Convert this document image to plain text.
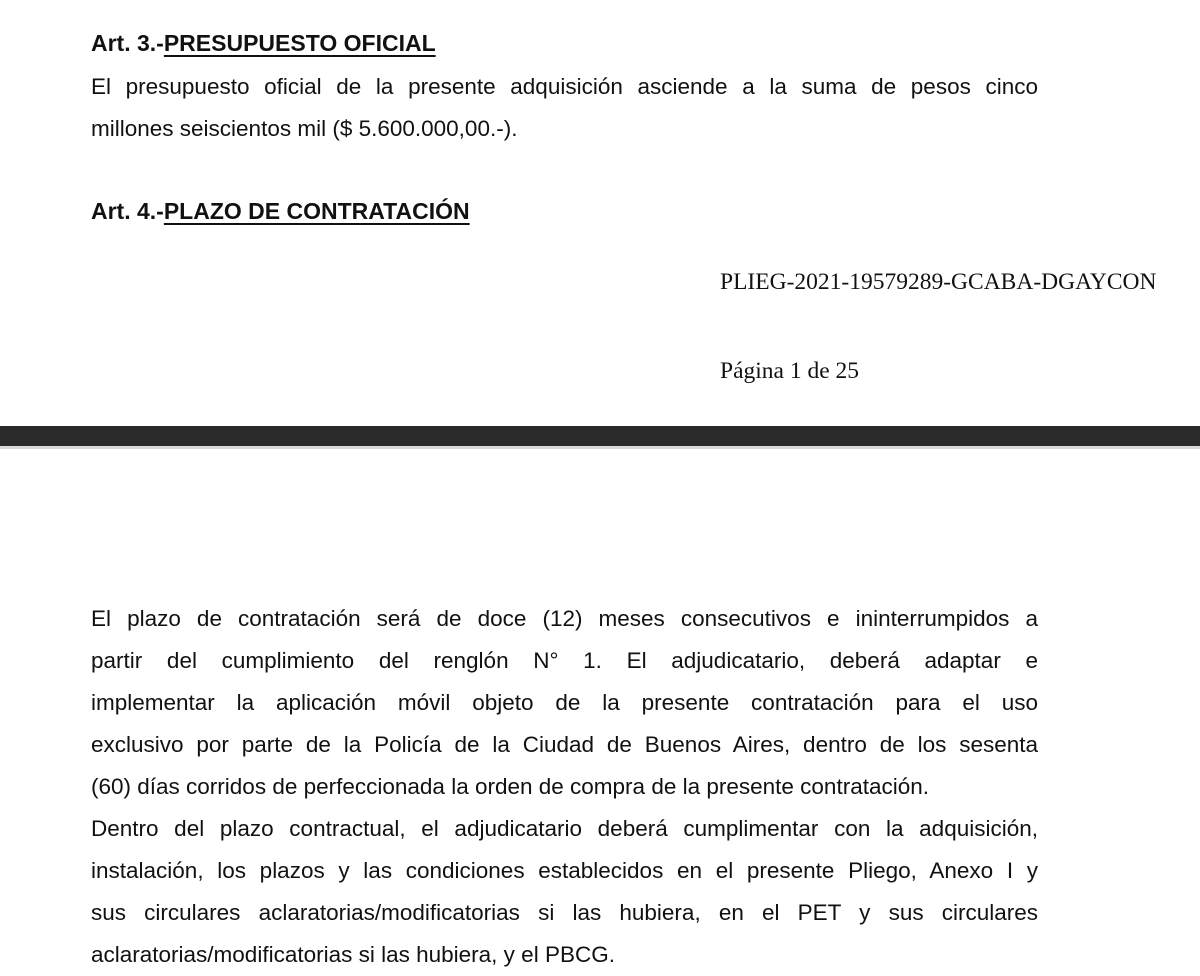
Art. 3.-PRESUPUESTO OFICIAL
El presupuesto oficial de la presente adquisición asciende a la suma de pesos cinco
millones seiscientos mil ($ 5.600.000,00.-).
Art. 4.-PLAZO DE CONTRATACIÓN
PLIEG-2021-19579289-GCABA-DGAYCON
Página 1 de 25
El plazo de contratación será de doce (12) meses consecutivos e ininterrumpidos a
partir del cumplimiento del renglón N° 1. El adjudicatario, deberá adaptar e
implementar la aplicación móvil objeto de la presente contratación para el uso
exclusivo por parte de la Policía de la Ciudad de Buenos Aires, dentro de los sesenta
(60) días corridos de perfeccionada la orden de compra de la presente contratación.
Dentro del plazo contractual, el adjudicatario deberá cumplimentar con la adquisición,
instalación, los plazos y las condiciones establecidos en el presente Pliego, Anexo I y
sus circulares aclaratorias/modificatorias si las hubiera, en el PET y sus circulares
aclaratorias/modificatorias si las hubiera, y el PBCG.
